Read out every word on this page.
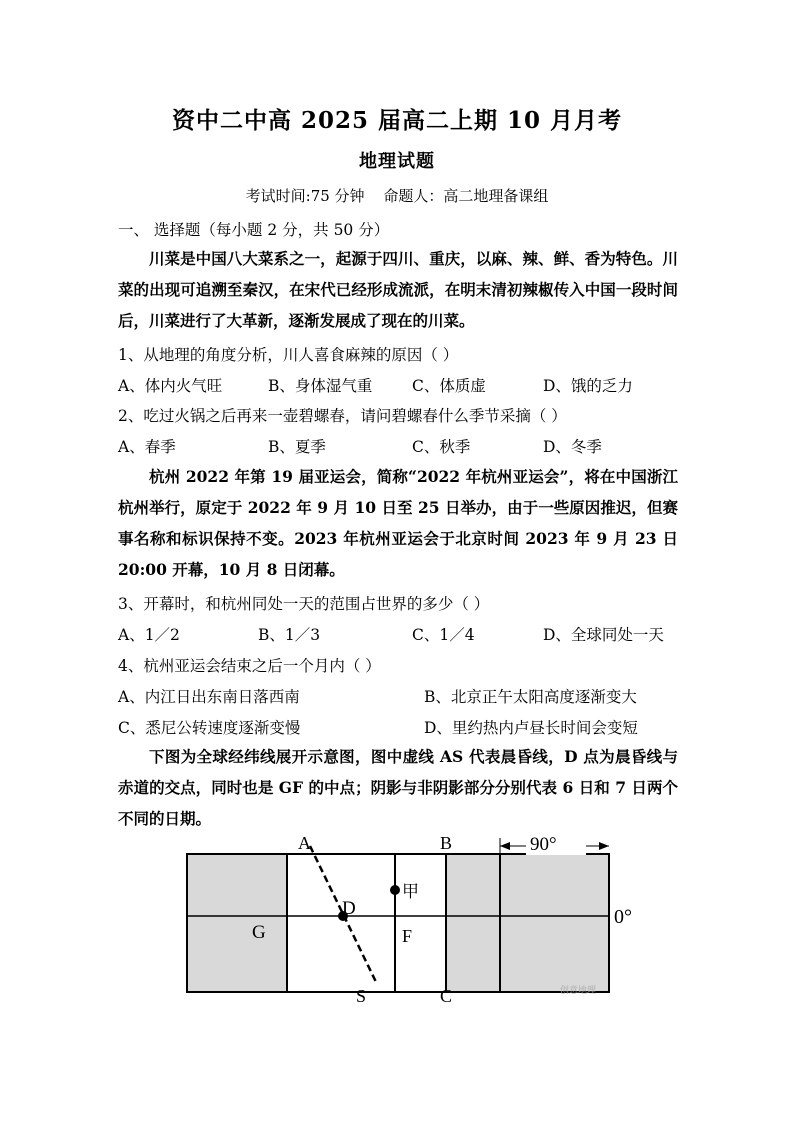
资中二中高 2025 届高二上期 10 月月考
地理试题
考试时间:75 分钟 命题人：高二地理备课组
一、 选择题（每小题 2 分，共 50 分）
川菜是中国八大菜系之一，起源于四川、重庆，以麻、辣、鲜、香为特色。川菜的出现可追溯至秦汉，在宋代已经形成流派，在明末清初辣椒传入中国一段时间后，川菜进行了大革新，逐渐发展成了现在的川菜。
1、从地理的角度分析，川人喜食麻辣的原因（ ）
A、体内火气旺	B、身体湿气重	C、体质虚	D、饿的乏力
2、吃过火锅之后再来一壶碧螺春，请问碧螺春什么季节采摘（ ）
A、春季	B、夏季	C、秋季	D、冬季
杭州 2022 年第 19 届亚运会，简称“2022 年杭州亚运会”，将在中国浙江杭州举行，原定于 2022 年 9 月 10 日至 25 日举办，由于一些原因推迟，但赛事名称和标识保持不变。2023 年杭州亚运会于北京时间 2023 年 9 月 23 日 20:00 开幕，10 月 8 日闭幕。
3、开幕时，和杭州同处一天的范围占世界的多少（ ）
A、1／2	B、1／3	C、1／4	D、全球同处一天
4、杭州亚运会结束之后一个月内（ ）
A、内江日出东南日落西南	B、北京正午太阳高度逐渐变大
C、悉尼公转速度逐渐变慢	D、里约热内卢昼长时间会变短
下图为全球经纬线展开示意图，图中虚线 AS 代表晨昏线，D 点为晨昏线与赤道的交点，同时也是 GF 的中点；阴影与非阴影部分分别代表 6 日和 7 日两个不同的日期。
A	B	90°
D
甲
G	F
0°
S	C	创意地理
